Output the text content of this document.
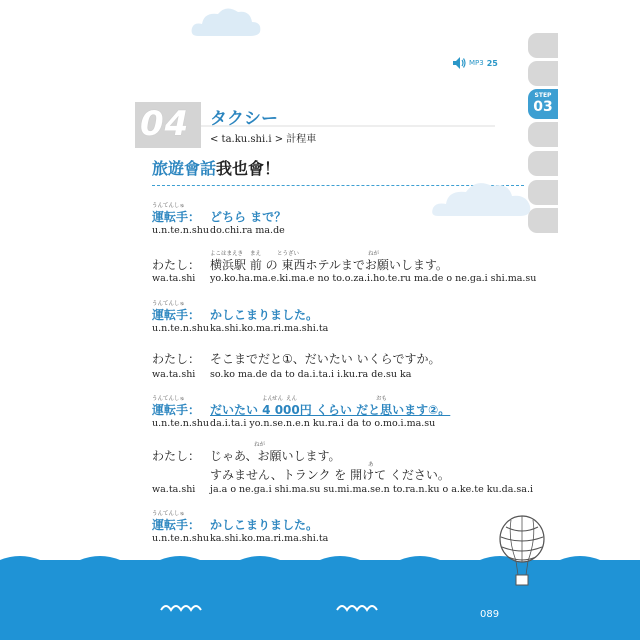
MP3 25
STEP
03
04	タクシー
< ta.ku.shi.i > 計程車
旅遊會話我也會！
うんてんしゅ
運転手： どちら まで？
u.n.te.n.shu do.chi.ra ma.de
よこはまえき まえ	とうざい	ねが
わたし： 横浜駅 前 の 東西ホテルまでお願いします。
wa.ta.shi yo.ko.ha.ma.e.ki.ma.e no to.o.za.i.ho.te.ru ma.de o ne.ga.i shi.ma.su
うんてんしゅ
運転手： かしこまりました。
u.n.te.n.shu ka.shi.ko.ma.ri.ma.shi.ta
わたし： そこまでだと①、だいたい いくらですか。
wa.ta.shi so.ko ma.de da to da.i.ta.i i.ku.ra de.su ka
うんてんしゅ	よん
せん えん	おも
運転手： だいたい 4 000円 くらい だと思います②。
u.n.te.n.shu da.i.ta.i yo.n.se.n.e.n ku.ra.i da to o.mo.i.ma.su
ねが
わたし： じゃあ、お願いします。
あ
すみません、トランク を 開けて ください。
wa.ta.shi ja.a o ne.ga.i shi.ma.su su.mi.ma.se.n to.ra.n.ku o a.ke.te ku.da.sa.i
うんてんしゅ
運転手： かしこまりました。
u.n.te.n.shu ka.shi.ko.ma.ri.ma.shi.ta
089
